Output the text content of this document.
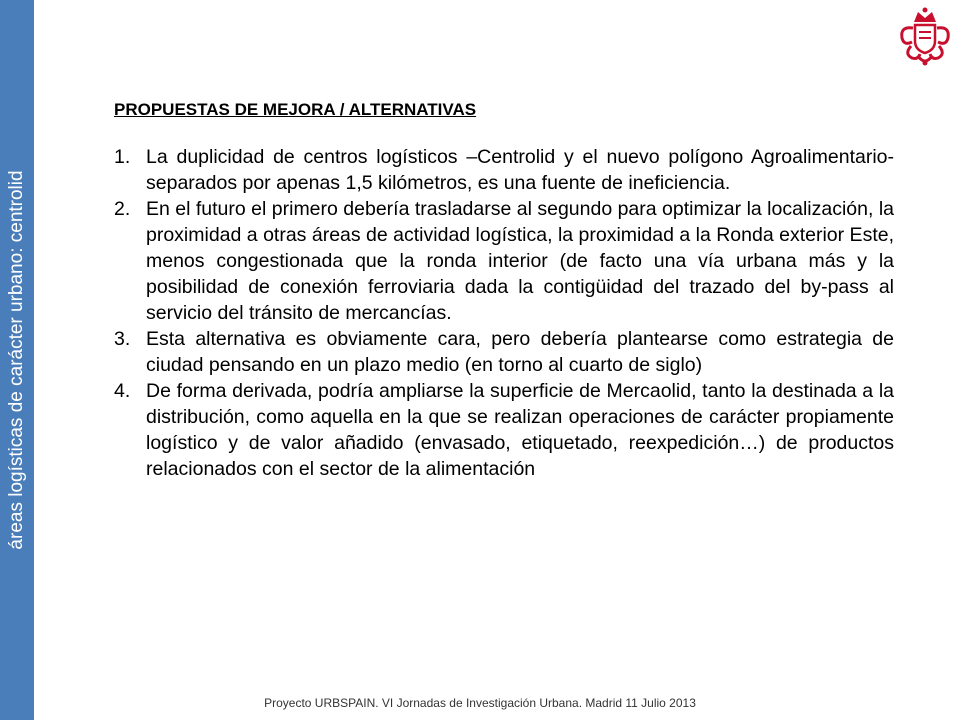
áreas logísticas de carácter urbano: centrolid
PROPUESTAS DE MEJORA / ALTERNATIVAS
1. La duplicidad de centros logísticos –Centrolid y el nuevo polígono Agroalimentario- separados por apenas 1,5 kilómetros, es una fuente de ineficiencia.
2. En el futuro el primero debería trasladarse al segundo para optimizar la localización, la proximidad a otras áreas de actividad logística, la proximidad a la Ronda exterior Este, menos congestionada que la ronda interior (de facto una vía urbana más y la posibilidad de conexión ferroviaria dada la contigüidad del trazado del by-pass al servicio del tránsito de mercancías.
3. Esta alternativa es obviamente cara, pero debería plantearse como estrategia de ciudad pensando en un plazo medio (en torno al cuarto de siglo)
4. De forma derivada, podría ampliarse la superficie de Mercaolid, tanto la destinada a la distribución, como aquella en la que se realizan operaciones de carácter propiamente logístico y de valor añadido (envasado, etiquetado, reexpedición…) de productos relacionados con el sector de la alimentación
Proyecto URBSPAIN. VI Jornadas de Investigación Urbana. Madrid 11 Julio 2013
